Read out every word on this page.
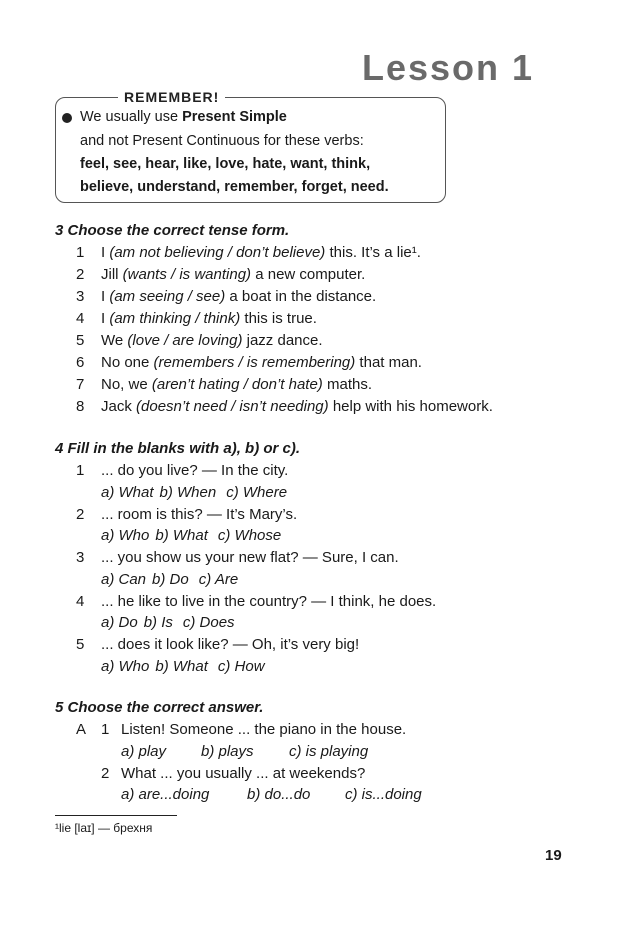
Lesson 1
REMEMBER!
We usually use Present Simple
and not Present Continuous for these verbs:
feel, see, hear, like, love, hate, want, think,
believe, understand, remember, forget, need.
3 Choose the correct tense form.
1	I (am not believing / don’t believe) this. It’s a lie¹.
2	Jill (wants / is wanting) a new computer.
3	I (am seeing / see) a boat in the distance.
4	I (am thinking / think) this is true.
5	We (love / are loving) jazz dance.
6	No one (remembers / is remembering) that man.
7	No, we (aren’t hating / don’t hate) maths.
8	Jack (doesn’t need / isn’t needing) help with his homework.
4 Fill in the blanks with a), b) or c).
1	... do you live? — In the city.
a) What b) When c) Where
2	... room is this? — It’s Mary’s.
a) Who b) What c) Whose
3	... you show us your new flat? — Sure, I can.
a) Can b) Do c) Are
4	... he like to live in the country? — I think, he does.
a) Do b) Is c) Does
5	... does it look like? — Oh, it’s very big!
a) Who b) What c) How
5 Choose the correct answer.
A 1 Listen! Someone ... the piano in the house.
a) play b) plays c) is playing
2 What ... you usually ... at weekends?
a) are...doing	b) do...do c) is...doing
¹lie [laɪ] — брехня
19
